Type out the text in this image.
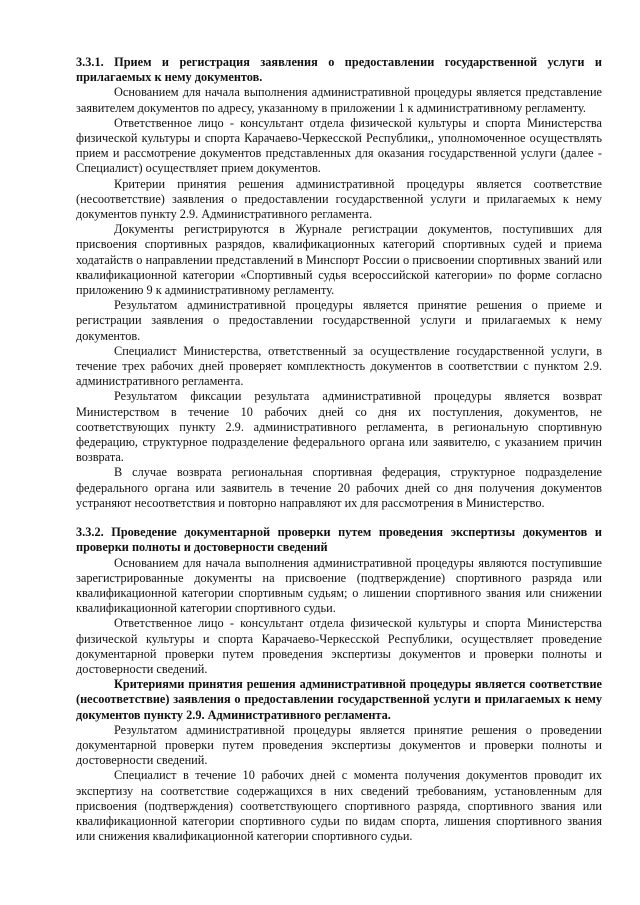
3.3.1. Прием и регистрация заявления о предоставлении государственной услуги и прилагаемых к нему документов.

Основанием для начала выполнения административной процедуры является представление заявителем документов по адресу, указанному в приложении 1 к административному регламенту.

Ответственное лицо - консультант отдела физической культуры и спорта Министерства физической культуры и спорта Карачаево-Черкесской Республики,, уполномоченное осуществлять прием и рассмотрение документов представленных для оказания государственной услуги (далее - Специалист) осуществляет прием документов.

Критерии принятия решения административной процедуры является соответствие (несоответствие) заявления о предоставлении государственной услуги и прилагаемых к нему документов пункту 2.9. Административного регламента.

Документы регистрируются в Журнале регистрации документов, поступивших для присвоения спортивных разрядов, квалификационных категорий спортивных судей и приема ходатайств о направлении представлений в Минспорт России о присвоении спортивных званий или квалификационной категории «Спортивный судья всероссийской категории» по форме согласно приложению 9 к административному регламенту.

Результатом административной процедуры является принятие решения о приеме и регистрации заявления о предоставлении государственной услуги и прилагаемых к нему документов.

Специалист Министерства, ответственный за осуществление государственной услуги, в течение трех рабочих дней проверяет комплектность документов в соответствии с пунктом 2.9. административного регламента.

Результатом фиксации результата административной процедуры является возврат Министерством в течение 10 рабочих дней со дня их поступления, документов, не соответствующих пункту 2.9. административного регламента, в региональную спортивную федерацию, структурное подразделение федерального органа или заявителю, с указанием причин возврата.

В случае возврата региональная спортивная федерация, структурное подразделение федерального органа или заявитель в течение 20 рабочих дней со дня получения документов устраняют несоответствия и повторно направляют их для рассмотрения в Министерство.

3.3.2. Проведение документарной проверки путем проведения экспертизы документов и проверки полноты и достоверности сведений

Основанием для начала выполнения административной процедуры являются поступившие зарегистрированные документы на присвоение (подтверждение) спортивного разряда или квалификационной категории спортивным судьям; о лишении спортивного звания или снижении квалификационной категории спортивного судьи.

Ответственное лицо - консультант отдела физической культуры и спорта Министерства физической культуры и спорта Карачаево-Черкесской Республики, осуществляет проведение документарной проверки путем проведения экспертизы документов и проверки полноты и достоверности сведений.

Критериями принятия решения административной процедуры является соответствие (несоответствие) заявления о предоставлении государственной услуги и прилагаемых к нему документов пункту 2.9. Административного регламента.

Результатом административной процедуры является принятие решения о проведении документарной проверки путем проведения экспертизы документов и проверки полноты и достоверности сведений.

Специалист в течение 10 рабочих дней с момента получения документов проводит их экспертизу на соответствие содержащихся в них сведений требованиям, установленным для присвоения (подтверждения) соответствующего спортивного разряда, спортивного звания или квалификационной категории спортивного судьи по видам спорта, лишения спортивного звания или снижения квалификационной категории спортивного судьи.
